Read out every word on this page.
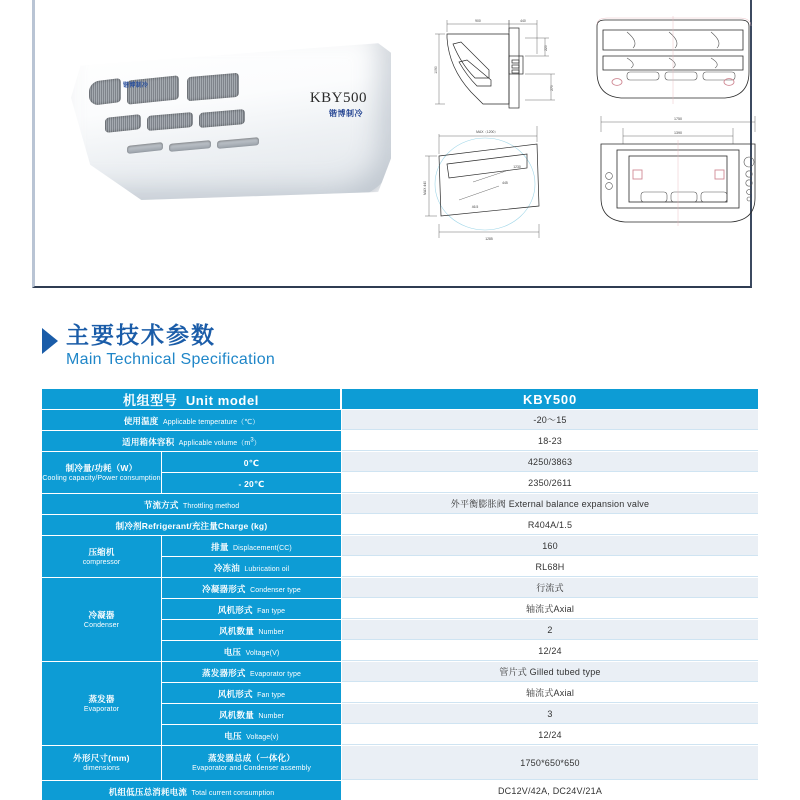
锴博制冷
KBY500
锴博制冷
900	440
1090
220
270
MAX（1200）
MAX 440
1285
1230
445
46.5
1750
1390
主要技术参数
Main Technical Specification
机组型号  Unit model		KBY500
使用温度 Applicable temperature（℃）		-20～15
适用箱体容积 Applicable $volume(m^3)$		18-23

制冷量/功耗（W）
Cooling capacity/Power consumption	0℃	4250/3863
	- 20℃	2350/2611
节流方式 Throttling method		外平衡膨胀阀 External balance expansion valve
制冷剂Refrigerant/充注量Charge (kg)		R404A/1.5

压缩机
compressor	排量 Displacement(CC)	160
	冷冻油 Lubrication oil	RL68H

冷凝器
Condenser	冷凝器形式 Condenser type	行流式
	风机形式 Fan type	轴流式Axial
	风机数量 Number	2
	电压 Voltage(V)	12/24

蒸发器
Evaporator	蒸发器形式 Evaporator type	管片式 Gilled tubed type
	风机形式 Fan type	轴流式Axial
	风机数量 Number	3
	电压 Voltage(v)	12/24

外形尺寸(mm)
dimensions	蒸发器总成（一体化）
Evaporator and Condenser assembly	1750*650*650
机组低压总消耗电流 Total current consumption		DC12V/42A, DC24V/21A
